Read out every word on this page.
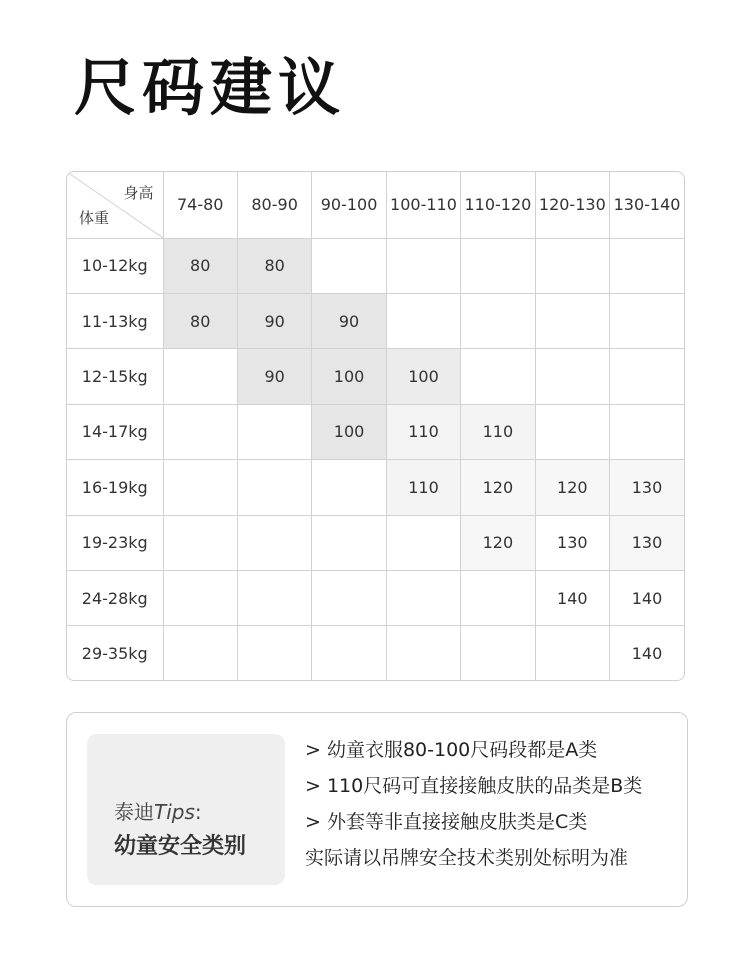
尺码建议
身高
体重	74-80	80-90	90-100	100-110	110-120	120-130	130-140
10-12kg	80	80					
11-13kg	80	90	90				
12-15kg		90	100	100			
14-17kg			100	110	110		
16-19kg				110	120	120	130
19-23kg					120	130	130
24-28kg						140	140
29-35kg							140
泰迪Tips:
幼童安全类别
> 幼童衣服80-100尺码段都是A类
> 110尺码可直接接触皮肤的品类是B类
> 外套等非直接接触皮肤类是C类
实际请以吊牌安全技术类别处标明为准
